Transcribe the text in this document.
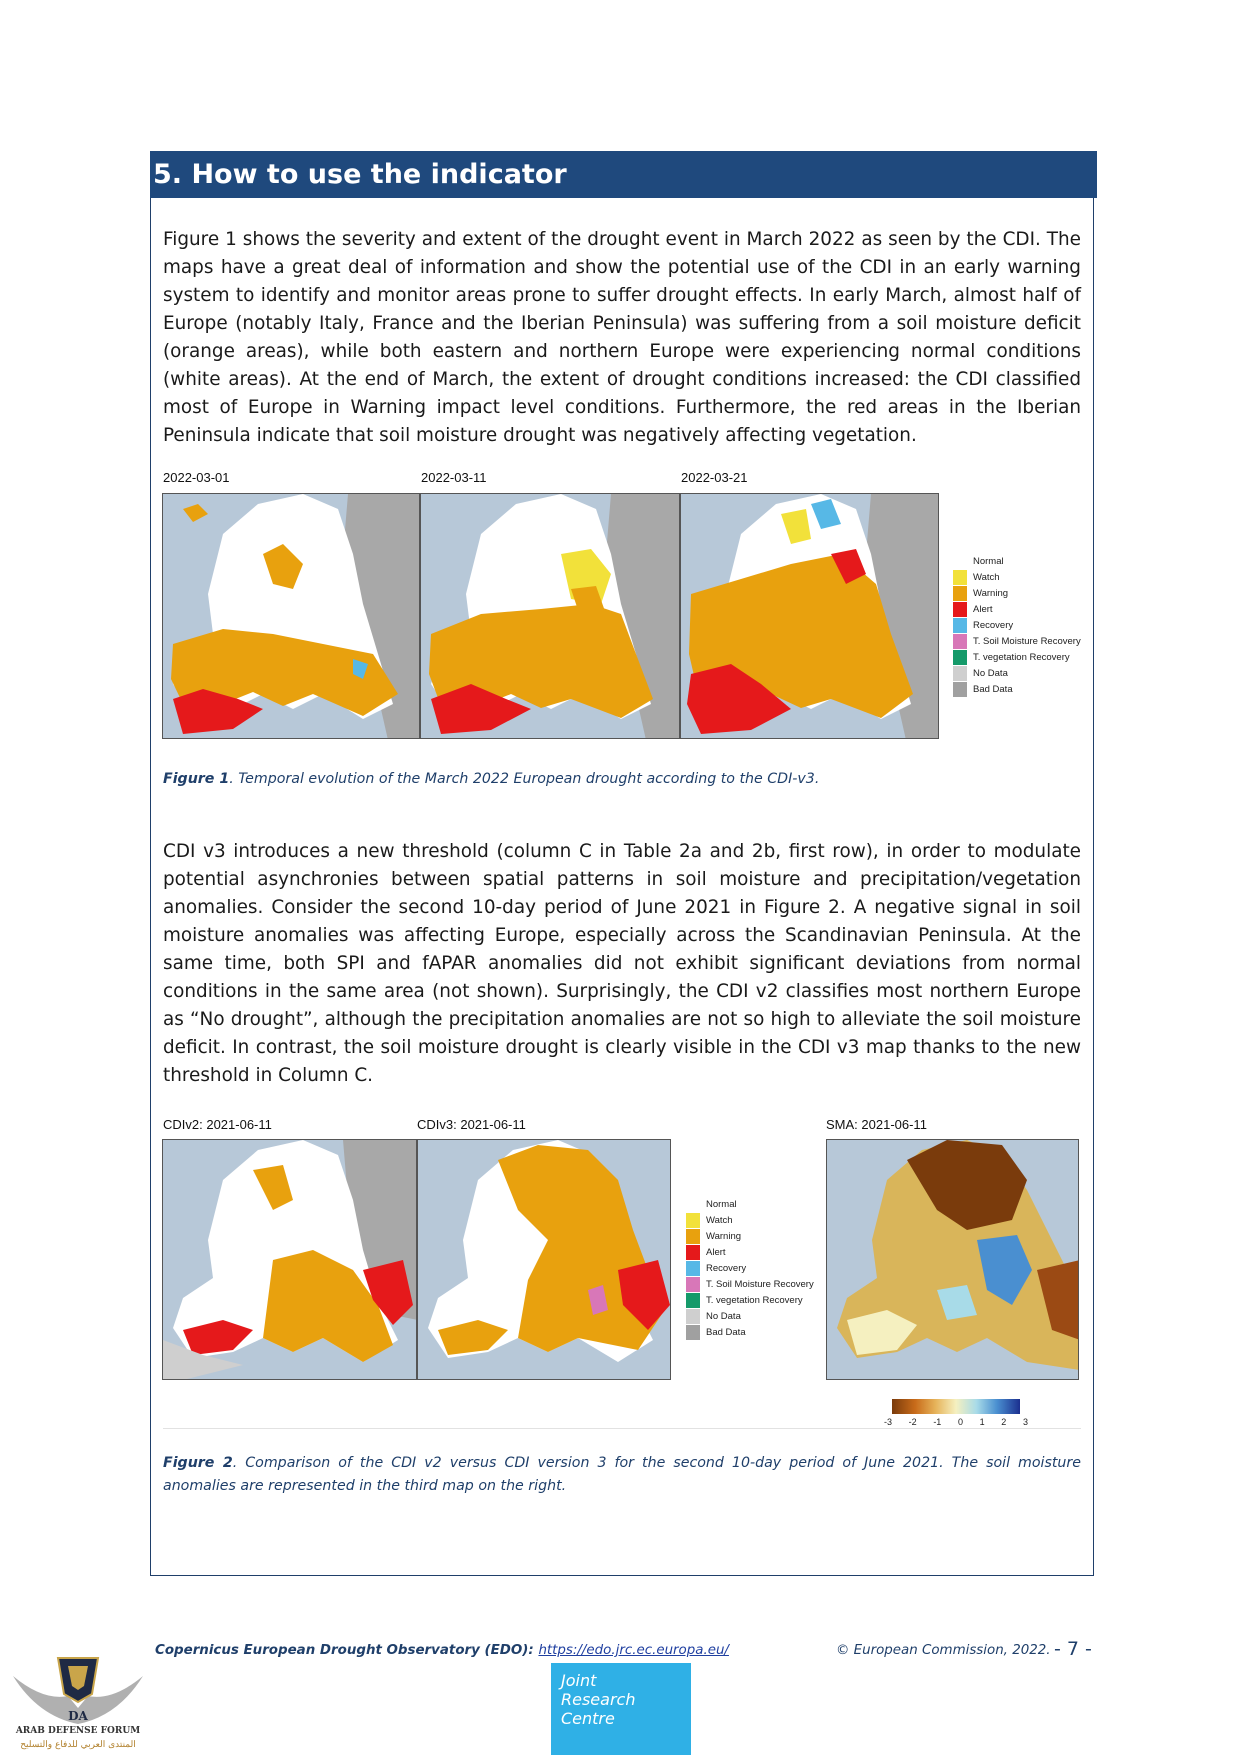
5. How to use the indicator

Figure 1 shows the severity and extent of the drought event in March 2022 as seen by the CDI. The maps have a great deal of information and show the potential use of the CDI in an early warning system to identify and monitor areas prone to suffer drought effects. In early March, almost half of Europe (notably Italy, France and the Iberian Peninsula) was suffering from a soil moisture deficit (orange areas), while both eastern and northern Europe were experiencing normal conditions (white areas). At the end of March, the extent of drought conditions increased: the CDI classified most of Europe in Warning impact level conditions. Furthermore, the red areas in the Iberian Peninsula indicate that soil moisture drought was negatively affecting vegetation.

2022-03-01	2022-03-11	2022-03-21
Normal
Watch
Warning
Alert
Recovery
T. Soil Moisture Recovery
T. vegetation Recovery
No Data
Bad Data

Figure 1. Temporal evolution of the March 2022 European drought according to the CDI-v3.

CDI v3 introduces a new threshold (column C in Table 2a and 2b, first row), in order to modulate potential asynchronies between spatial patterns in soil moisture and precipitation/vegetation anomalies. Consider the second 10-day period of June 2021 in Figure 2. A negative signal in soil moisture anomalies was affecting Europe, especially across the Scandinavian Peninsula. At the same time, both SPI and fAPAR anomalies did not exhibit significant deviations from normal conditions in the same area (not shown). Surprisingly, the CDI v2 classifies most northern Europe as “No drought”, although the precipitation anomalies are not so high to alleviate the soil moisture deficit. In contrast, the soil moisture drought is clearly visible in the CDI v3 map thanks to the new threshold in Column C.

CDIv2: 2021-06-11	CDIv3: 2021-06-11	SMA: 2021-06-11
Normal
Watch
Warning
Alert
Recovery
T. Soil Moisture Recovery
T. vegetation Recovery
No Data
Bad Data
-3 -2 -1 0 1 2 3

Figure 2. Comparison of the CDI v2 versus CDI version 3 for the second 10-day period of June 2021. The soil moisture anomalies are represented in the third map on the right.

Copernicus European Drought Observatory (EDO): https://edo.jrc.ec.europa.eu/	© European Commission, 2022. - 7 -
Joint
Research
Centre
DA
ARAB DEFENSE FORUM
المنتدى العربي للدفاع والتسليح
